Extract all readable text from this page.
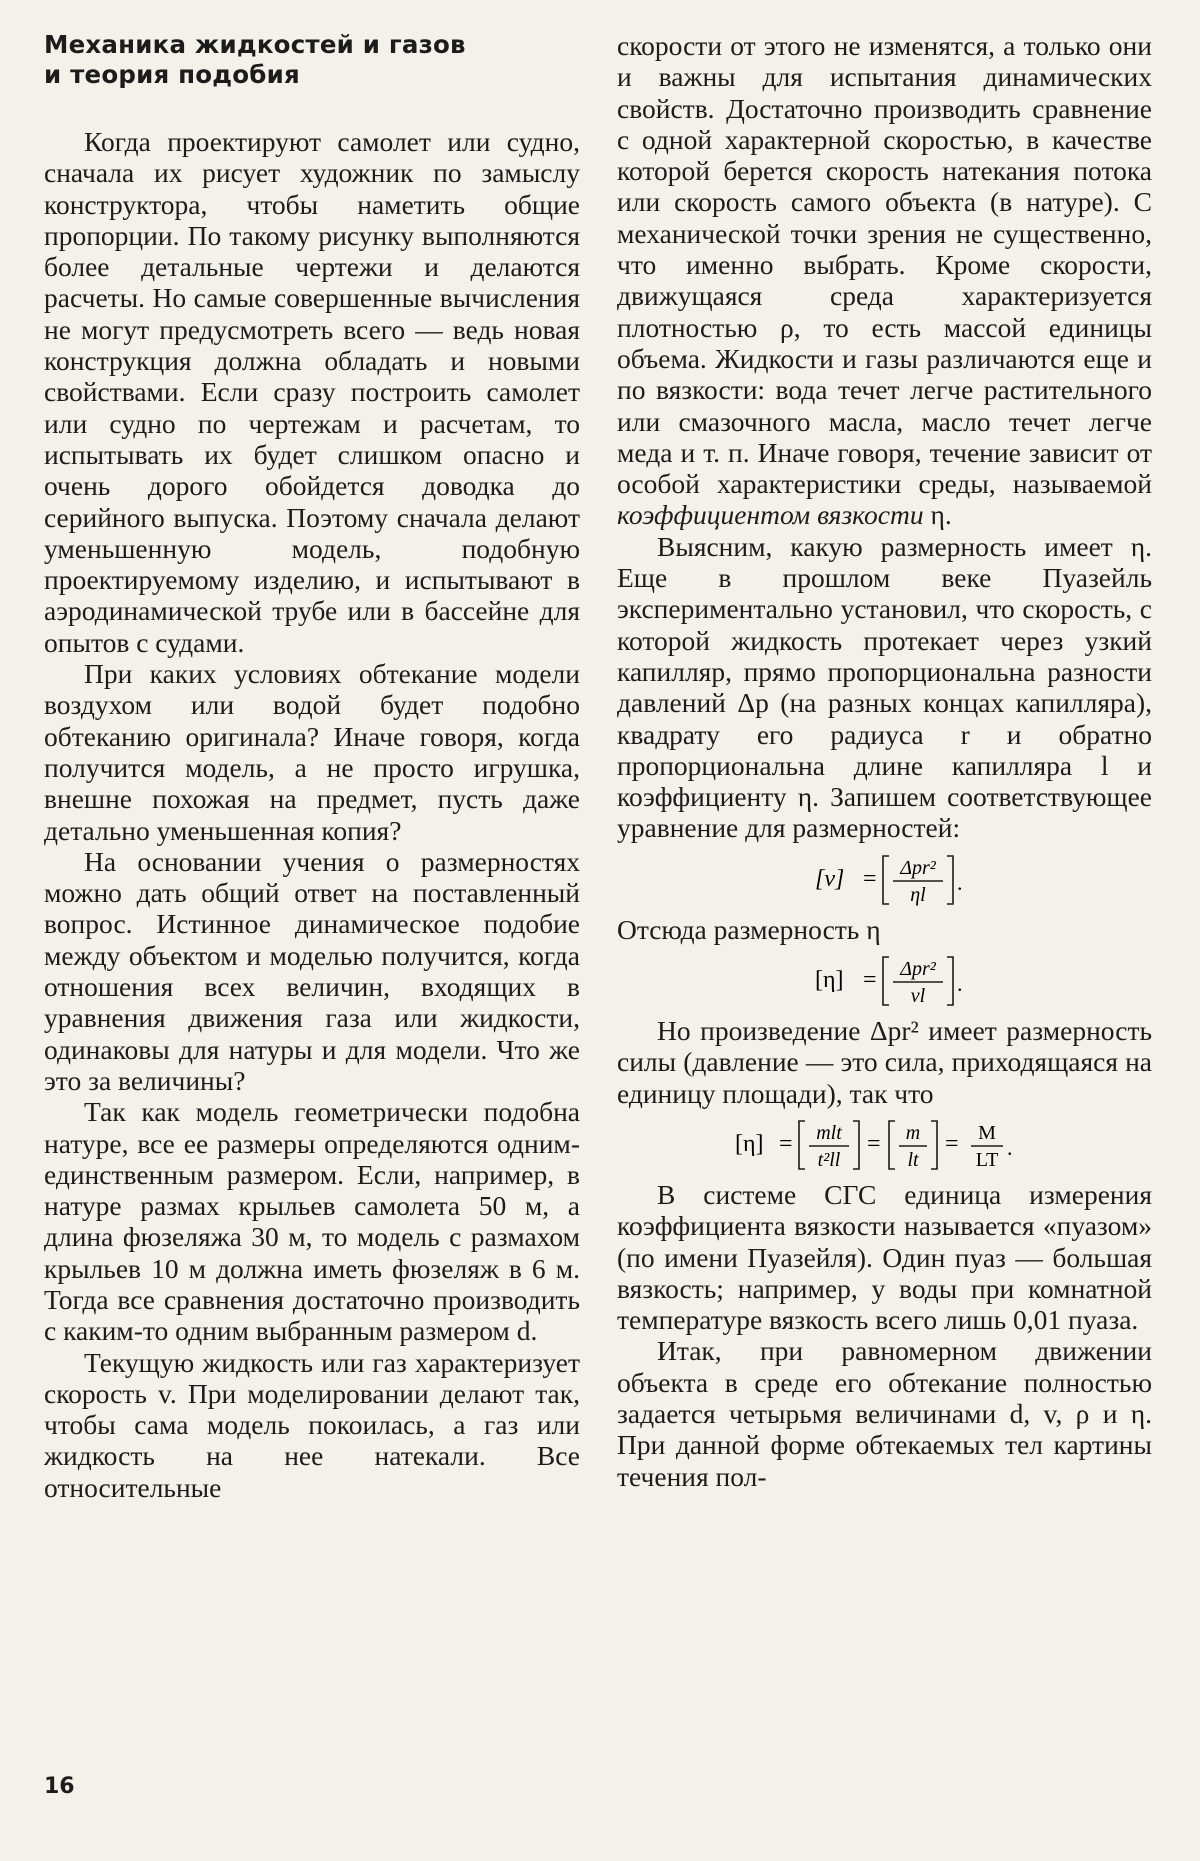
Механика жидкостей и газов
и теория подобия

Когда проектируют самолет или судно, сначала их рисует художник по замыслу конструктора, чтобы наметить общие пропорции. По такому рисунку выполняются более детальные чертежи и делаются расчеты. Но самые совершенные вычисления не могут предусмотреть всего — ведь новая конструкция должна обладать и новыми свойствами. Если сразу построить самолет или судно по чертежам и расчетам, то испытывать их будет слишком опасно и очень дорого обойдется доводка до серийного выпуска. Поэтому сначала делают уменьшенную модель, подобную проектируемому изделию, и испытывают в аэродинамической трубе или в бассейне для опытов с судами.

При каких условиях обтекание модели воздухом или водой будет подобно обтеканию оригинала? Иначе говоря, когда получится модель, а не просто игрушка, внешне похожая на предмет, пусть даже детально уменьшенная копия?

На основании учения о размерностях можно дать общий ответ на поставленный вопрос. Истинное динамическое подобие между объектом и моделью получится, когда отношения всех величин, входящих в уравнения движения газа или жидкости, одинаковы для натуры и для модели. Что же это за величины?

Так как модель геометрически подобна натуре, все ее размеры определяются одним-единственным размером. Если, например, в натуре размах крыльев самолета 50 м, а длина фюзеляжа 30 м, то модель с размахом крыльев 10 м должна иметь фюзеляж в 6 м. Тогда все сравнения достаточно производить с каким-то одним выбранным размером d.

Текущую жидкость или газ характеризует скорость v. При моделировании делают так, чтобы сама модель покоилась, а газ или жидкость на нее натекали. Все относительные

скорости от этого не изменятся, а только они и важны для испытания динамических свойств. Достаточно производить сравнение с одной характерной скоростью, в качестве которой берется скорость натекания потока или скорость самого объекта (в натуре). С механической точки зрения не существенно, что именно выбрать. Кроме скорости, движущаяся среда характеризуется плотностью ρ, то есть массой единицы объема. Жидкости и газы различаются еще и по вязкости: вода течет легче растительного или смазочного масла, масло течет легче меда и т. п. Иначе говоря, течение зависит от особой характеристики среды, называемой коэффициентом вязкости η.

Выясним, какую размерность имеет η. Еще в прошлом веке Пуазейль экспериментально установил, что скорость, с которой жидкость протекает через узкий капилляр, прямо пропорциональна разности давлений Δp (на разных концах капилляра), квадрату его радиуса r и обратно пропорциональна длине капилляра l и коэффициенту η. Запишем соответствующее уравнение для размерностей:

[v] = Δpr²
ηl .

Отсюда размерность η

[η] = Δpr²
vl .

Но произведение Δpr² имеет размерность силы (давление — это сила, приходящаяся на единицу площади), так что

[η] = mlt
t²ll
= m
lt
= M
LT .

В системе СГС единица измерения коэффициента вязкости называется «пуазом» (по имени Пуазейля). Один пуаз — большая вязкость; например, у воды при комнатной температуре вязкость всего лишь 0,01 пуаза.

Итак, при равномерном движении объекта в среде его обтекание полностью задается четырьмя величинами d, v, ρ и η. При данной форме обтекаемых тел картины течения пол-

16
